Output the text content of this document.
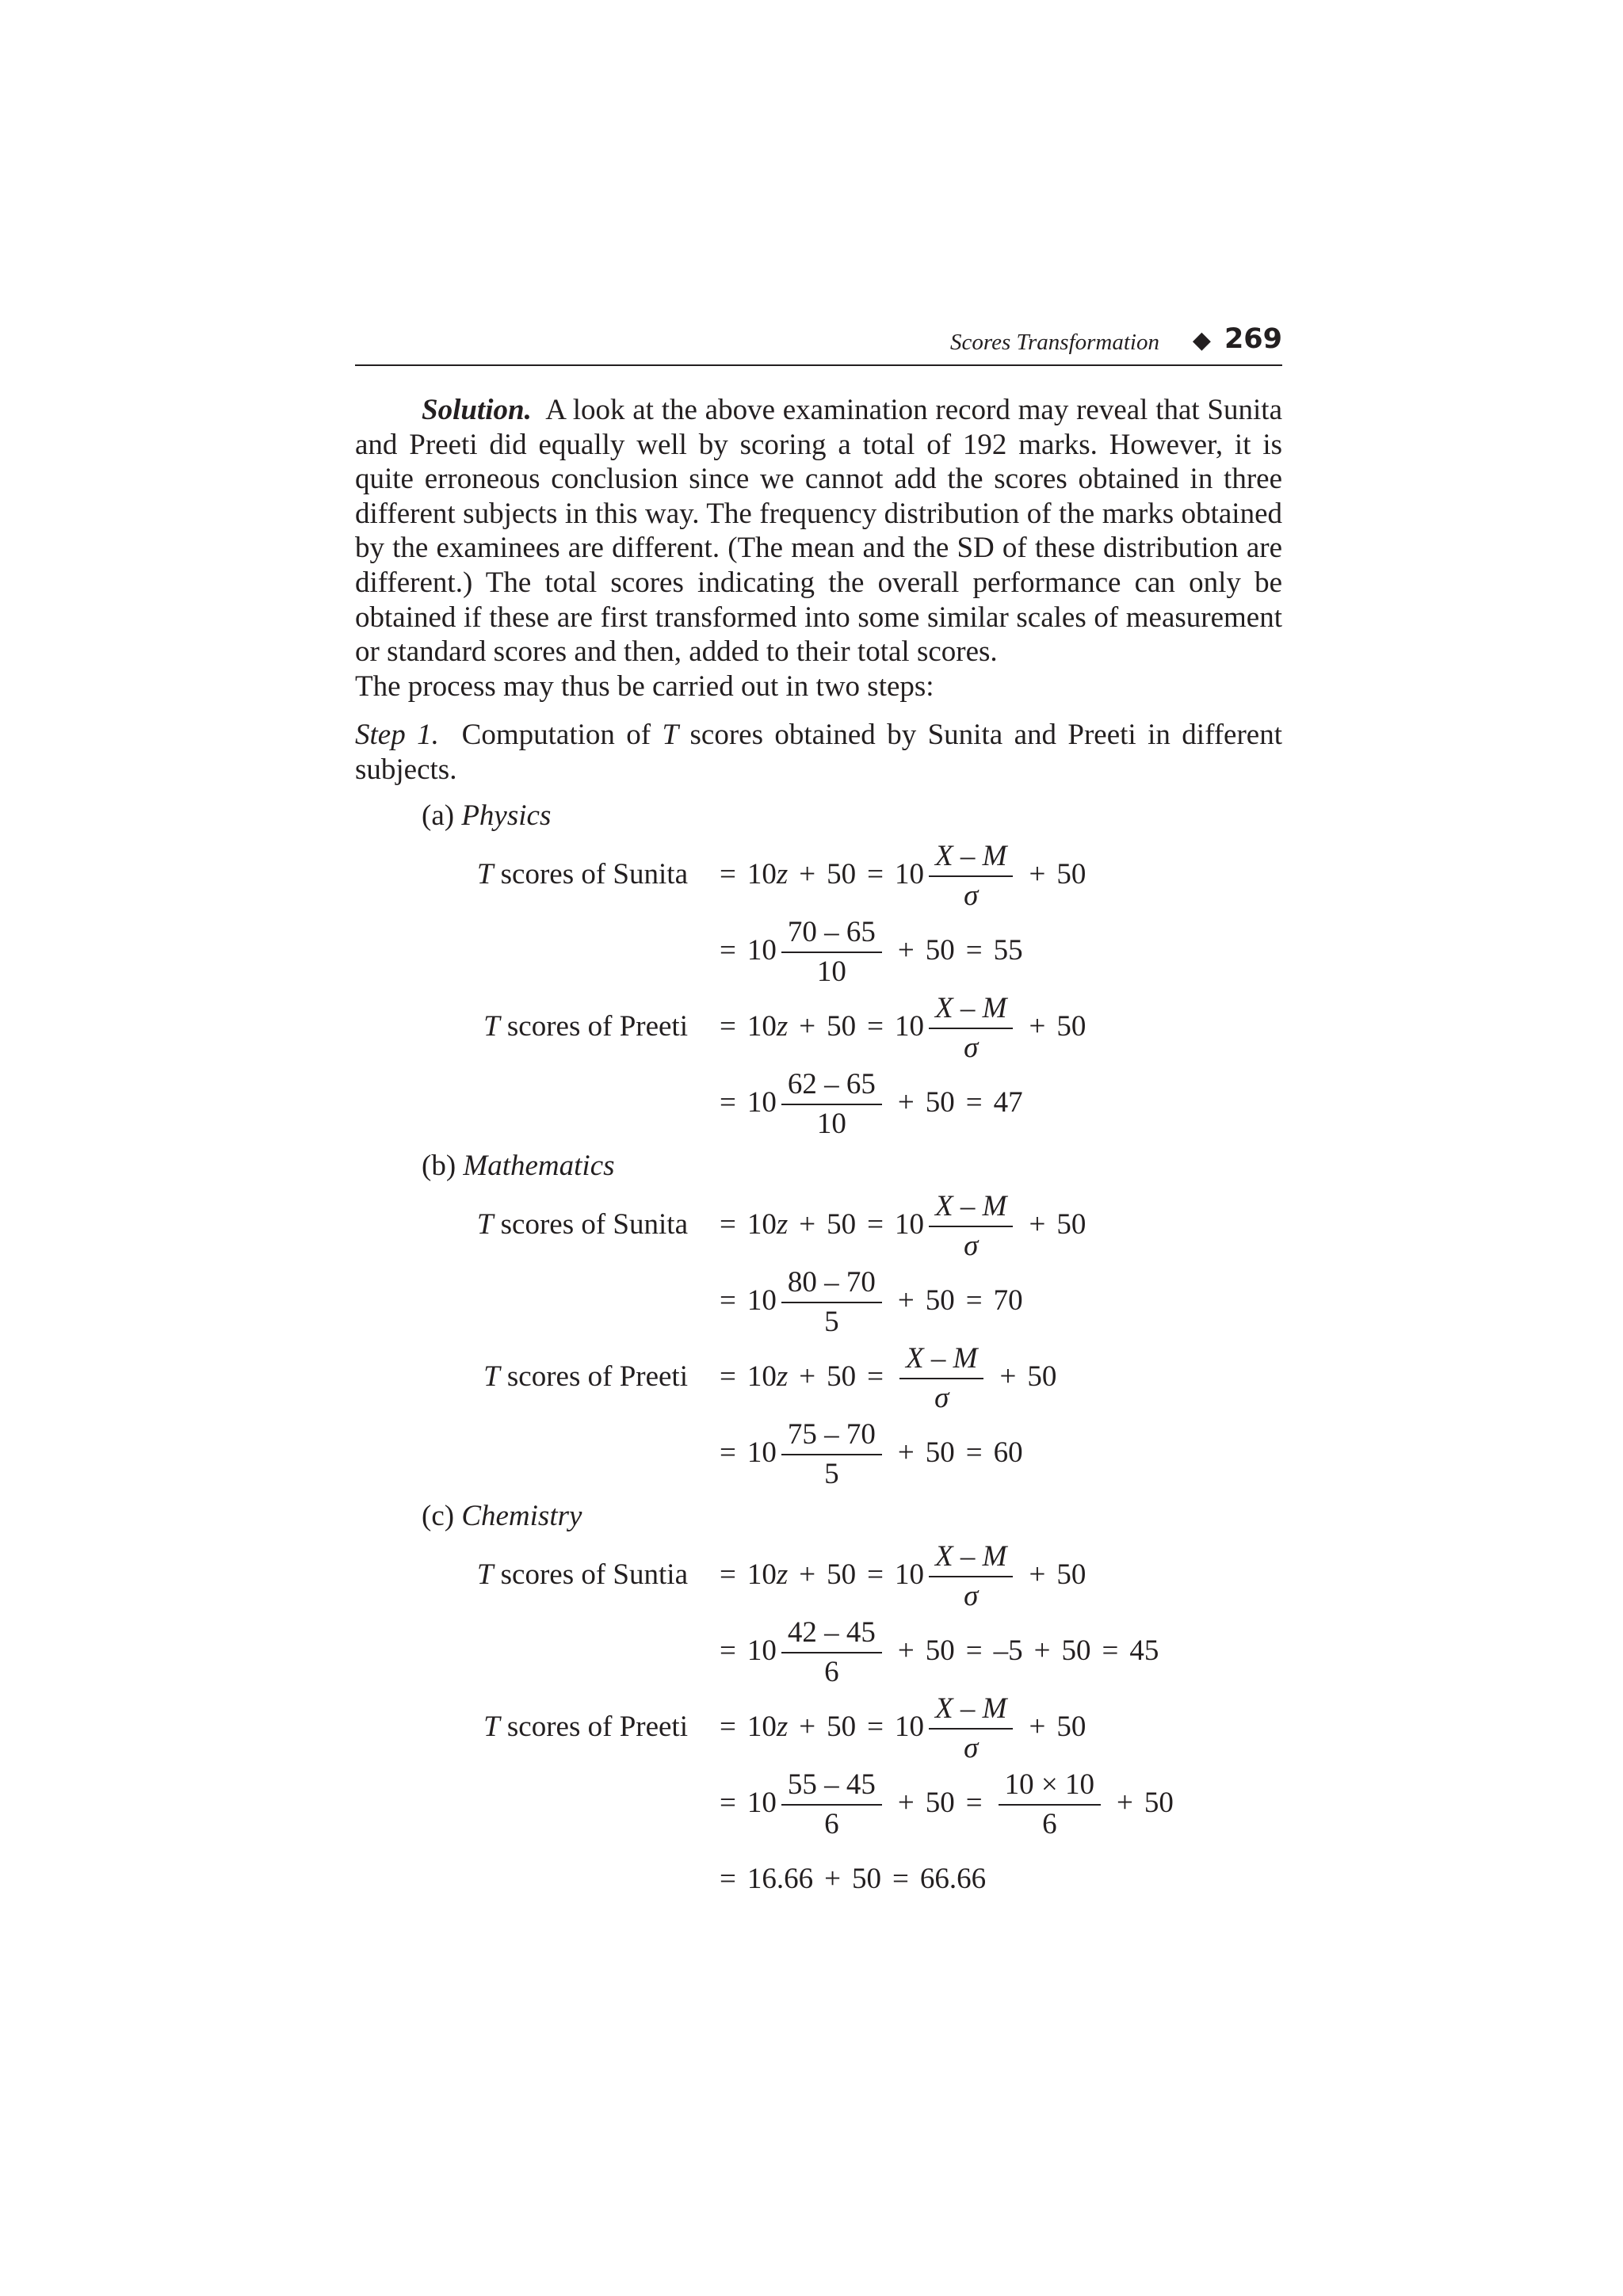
Scores Transformation ◆ 269

Solution. A look at the above examination record may reveal that Sunita and Preeti did equally well by scoring a total of 192 marks. However, it is quite erroneous conclusion since we cannot add the scores obtained in three different subjects in this way. The frequency distribution of the marks obtained by the examinees are different. (The mean and the SD of these distribution are different.) The total scores indicating the overall performance can only be obtained if these are first transformed into some similar scales of measurement or standard scores and then, added to their total scores.

The process may thus be carried out in two steps:

Step 1. Computation of T scores obtained by Sunita and Preeti in different subjects.
(a) Physics
T scores of Sunita = 10 $z + 50 = 10 \frac{X - M}{\sigma} + 50$
= $10 \frac{70 - 65}{10} + 50 = 55$
T scores of Preeti = 10 $z + 50 = 10 \frac{X - M}{\sigma} + 50$
= $10 \frac{62 - 65}{10} + 50 = 47$
(b) Mathematics
T scores of Sunita = 10 $z + 50 = 10 \frac{X - M}{\sigma} + 50$
= $10 \frac{80 - 70}{5} + 50 = 70$
T scores of Preeti = 10 $z + 50 = \frac{X - M}{\sigma} + 50$
= $10 \frac{75 - 70}{5} + 50 = 60$
(c) Chemistry
T scores of Suntia = 10 $z + 50 = 10 \frac{X - M}{\sigma} + 50$
= $10 \frac{42 - 45}{6} + 50 = -5 + 50 = 45$
T scores of Preeti = 10 $z + 50 = 10 \frac{X - M}{\sigma} + 50$
= $10 \frac{55 - 45}{6} + 50 = \frac{10 \times 10}{6} + 50$
= 16.66 + 50 = 66.66
